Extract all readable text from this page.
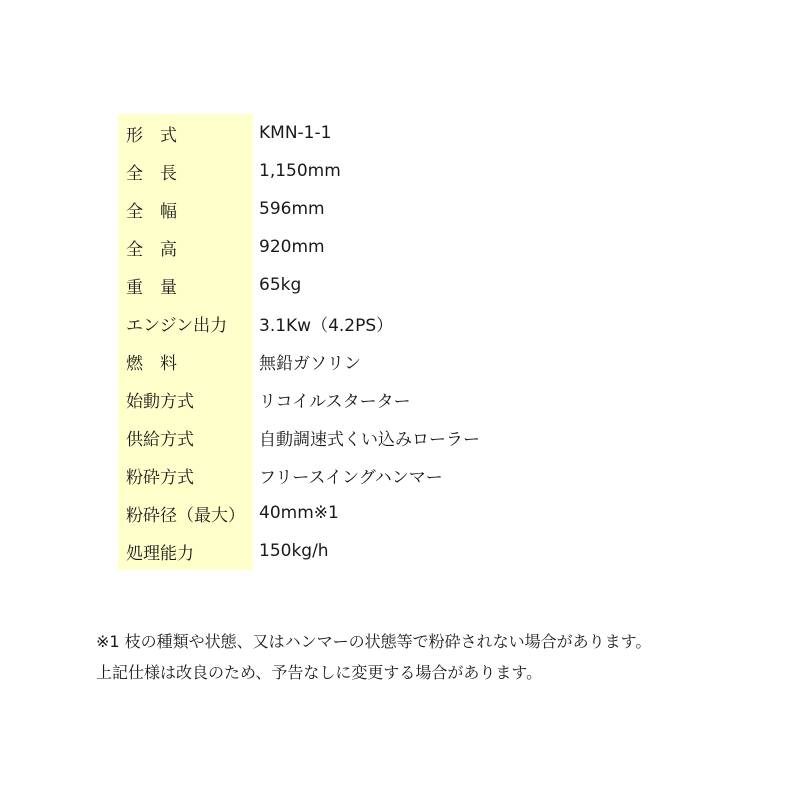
形　式	KMN-1-1
全　長	1,150mm
全　幅	596mm
全　高	920mm
重　量	65kg
エンジン出力	3.1Kw（4.2PS）
燃　料	無鉛ガソリン
始動方式	リコイルスターター
供給方式	自動調速式くい込みローラー
粉砕方式	フリースイングハンマー
粉砕径（最大）	40mm※1
処理能力	150kg/h

※1 枝の種類や状態、又はハンマーの状態等で粉砕されない場合があります。

上記仕様は改良のため、予告なしに変更する場合があります。
